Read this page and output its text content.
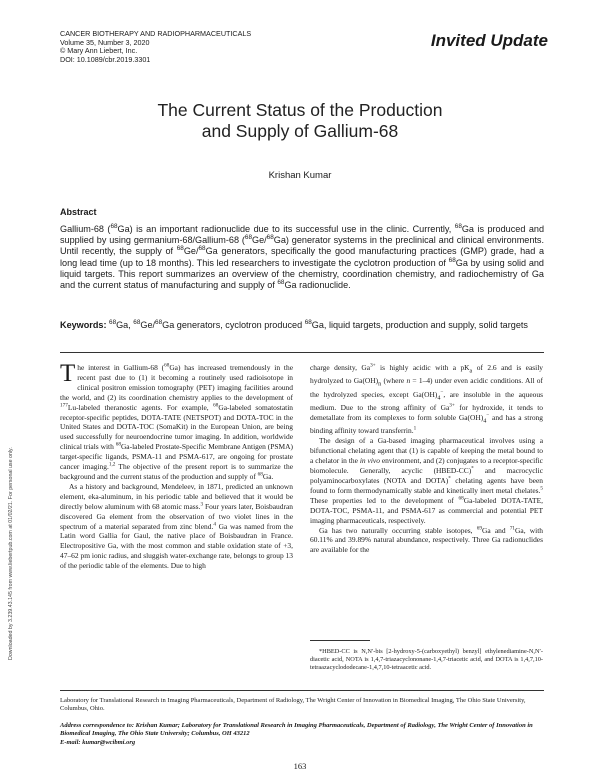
Downloaded by 3.239.43.145 from www.liebertpub.com at 01/02/21. For personal use only.
CANCER BIOTHERAPY AND RADIOPHARMACEUTICALS
Volume 35, Number 3, 2020
© Mary Ann Liebert, Inc.
DOI: 10.1089/cbr.2019.3301
Invited Update
The Current Status of the Production
and Supply of Gallium-68
Krishan Kumar
Abstract
Gallium-68 ($^{68}$Ga) is an important radionuclide due to its successful use in the clinic. Currently, $^{68}$Ga is produced and supplied by using germanium-68/Gallium-68 ($^{68}$Ge/$^{68}$Ga) generator systems in the preclinical and clinical environments. Until recently, the supply of $^{68}$Ge/$^{68}$Ga generators, specifically the good manufacturing practices (GMP) grade, had a long lead time (up to 18 months). This led researchers to investigate the cyclotron production of $^{68}$Ga by using solid and liquid targets. This report summarizes an overview of the chemistry, coordination chemistry, and radiochemistry of Ga and the current status of manufacturing and supply of $^{68}$Ga radionuclide.
Keywords: $^{68}$Ga, $^{68}$Ge/$^{68}$Ga generators, cyclotron produced $^{68}$Ga, liquid targets, production and supply, solid targets

The interest in Gallium-68 ($^{68}$Ga) has increased tremendously in the recent past due to (1) it becoming a routinely used radioisotope in clinical positron emission tomography (PET) imaging facilities around the world, and (2) its coordination chemistry applies to the development of $^{177}$Lu-labeled theranostic agents. For example, $^{68}$Ga-labeled somatostatin receptor-specific peptides, DOTA-TATE (NETSPOT) and DOTA-TOC in the United States and DOTA-TOC (SomaKit) in the European Union, are being used successfully for neuroendocrine tumor imaging. In addition, worldwide clinical trials with $^{68}$Ga-labeled Prostate-Specific Membrane Antigen (PSMA) target-specific ligands, PSMA-11 and PSMA-617, are ongoing for prostate cancer imaging.$^{1,2}$ The objective of the present report is to summarize the background and the current status of the production and supply of $^{68}$Ga.

As a history and background, Mendeleev, in 1871, predicted an unknown element, eka-aluminum, in his periodic table and believed that it would be directly below aluminum with 68 atomic mass.$^3$ Four years later, Boisbaudran discovered Ga element from the observation of two violet lines in the spectrum of a material separated from zinc blend.$^4$ Ga was named from the Latin word Gallia for Gaul, the native place of Boisbaudran in France. Electropositive Ga, with the most common and stable oxidation state of +3, 47–62 pm ionic radius, and sluggish water-exchange rate, belongs to group 13 of the periodic table of the elements. Due to high

charge density, $Ga^{3+}$ is highly acidic with a $pK_a$ of 2.6 and is easily hydrolyzed to $Ga(OH)_n$ (where n = 1–4) under even acidic conditions. All of the hydrolyzed species, except $Ga(OH)_4^-$, are insoluble in the aqueous medium. Due to the strong affinity of $Ga^{3+}$ for hydroxide, it tends to demetallate from its complexes to form soluble $Ga(OH)_4^-$ and has a strong binding affinity toward transferrin.$^1$

The design of a Ga-based imaging pharmaceutical involves using a bifunctional chelating agent that (1) is capable of keeping the metal bound to a chelator in the in vivo environment, and (2) conjugates to a receptor-specific biomolecule. Generally, acyclic (HBED-CC)* and macrocyclic polyaminocarboxylates (NOTA and DOTA)* chelating agents have been found to form thermodynamically stable and kinetically inert metal chelates.$^5$ These properties led to the development of $^{68}$Ga-labeled DOTA-TATE, DOTA-TOC, PSMA-11, and PSMA-617 as commercial and potential PET imaging pharmaceuticals, respectively.

Ga has two naturally occurring stable isotopes, $^{69}$Ga and $^{71}$Ga, with 60.11% and 39.89% natural abundance, respectively. Three Ga radionuclides are available for the

*HBED-CC is N,N′-bis [2-hydroxy-5-(carboxyethyl) benzyl] ethylenediamine-N,N′-diacetic acid, NOTA is 1,4,7-triazacyclononane-1,4,7-triacetic acid, and DOTA is 1,4,7,10-tetraazacyclododecane-1,4,7,10-tetraacetic acid.
Laboratory for Translational Research in Imaging Pharmaceuticals, Department of Radiology, The Wright Center of Innovation in Biomedical Imaging, The Ohio State University, Columbus, Ohio.
Address correspondence to: Krishan Kumar; Laboratory for Translational Research in Imaging Pharmaceuticals, Department of Radiology, The Wright Center of Innovation in Biomedical Imaging, The Ohio State University; Columbus, OH 43212
E-mail: kumar@wcibmi.org
163
